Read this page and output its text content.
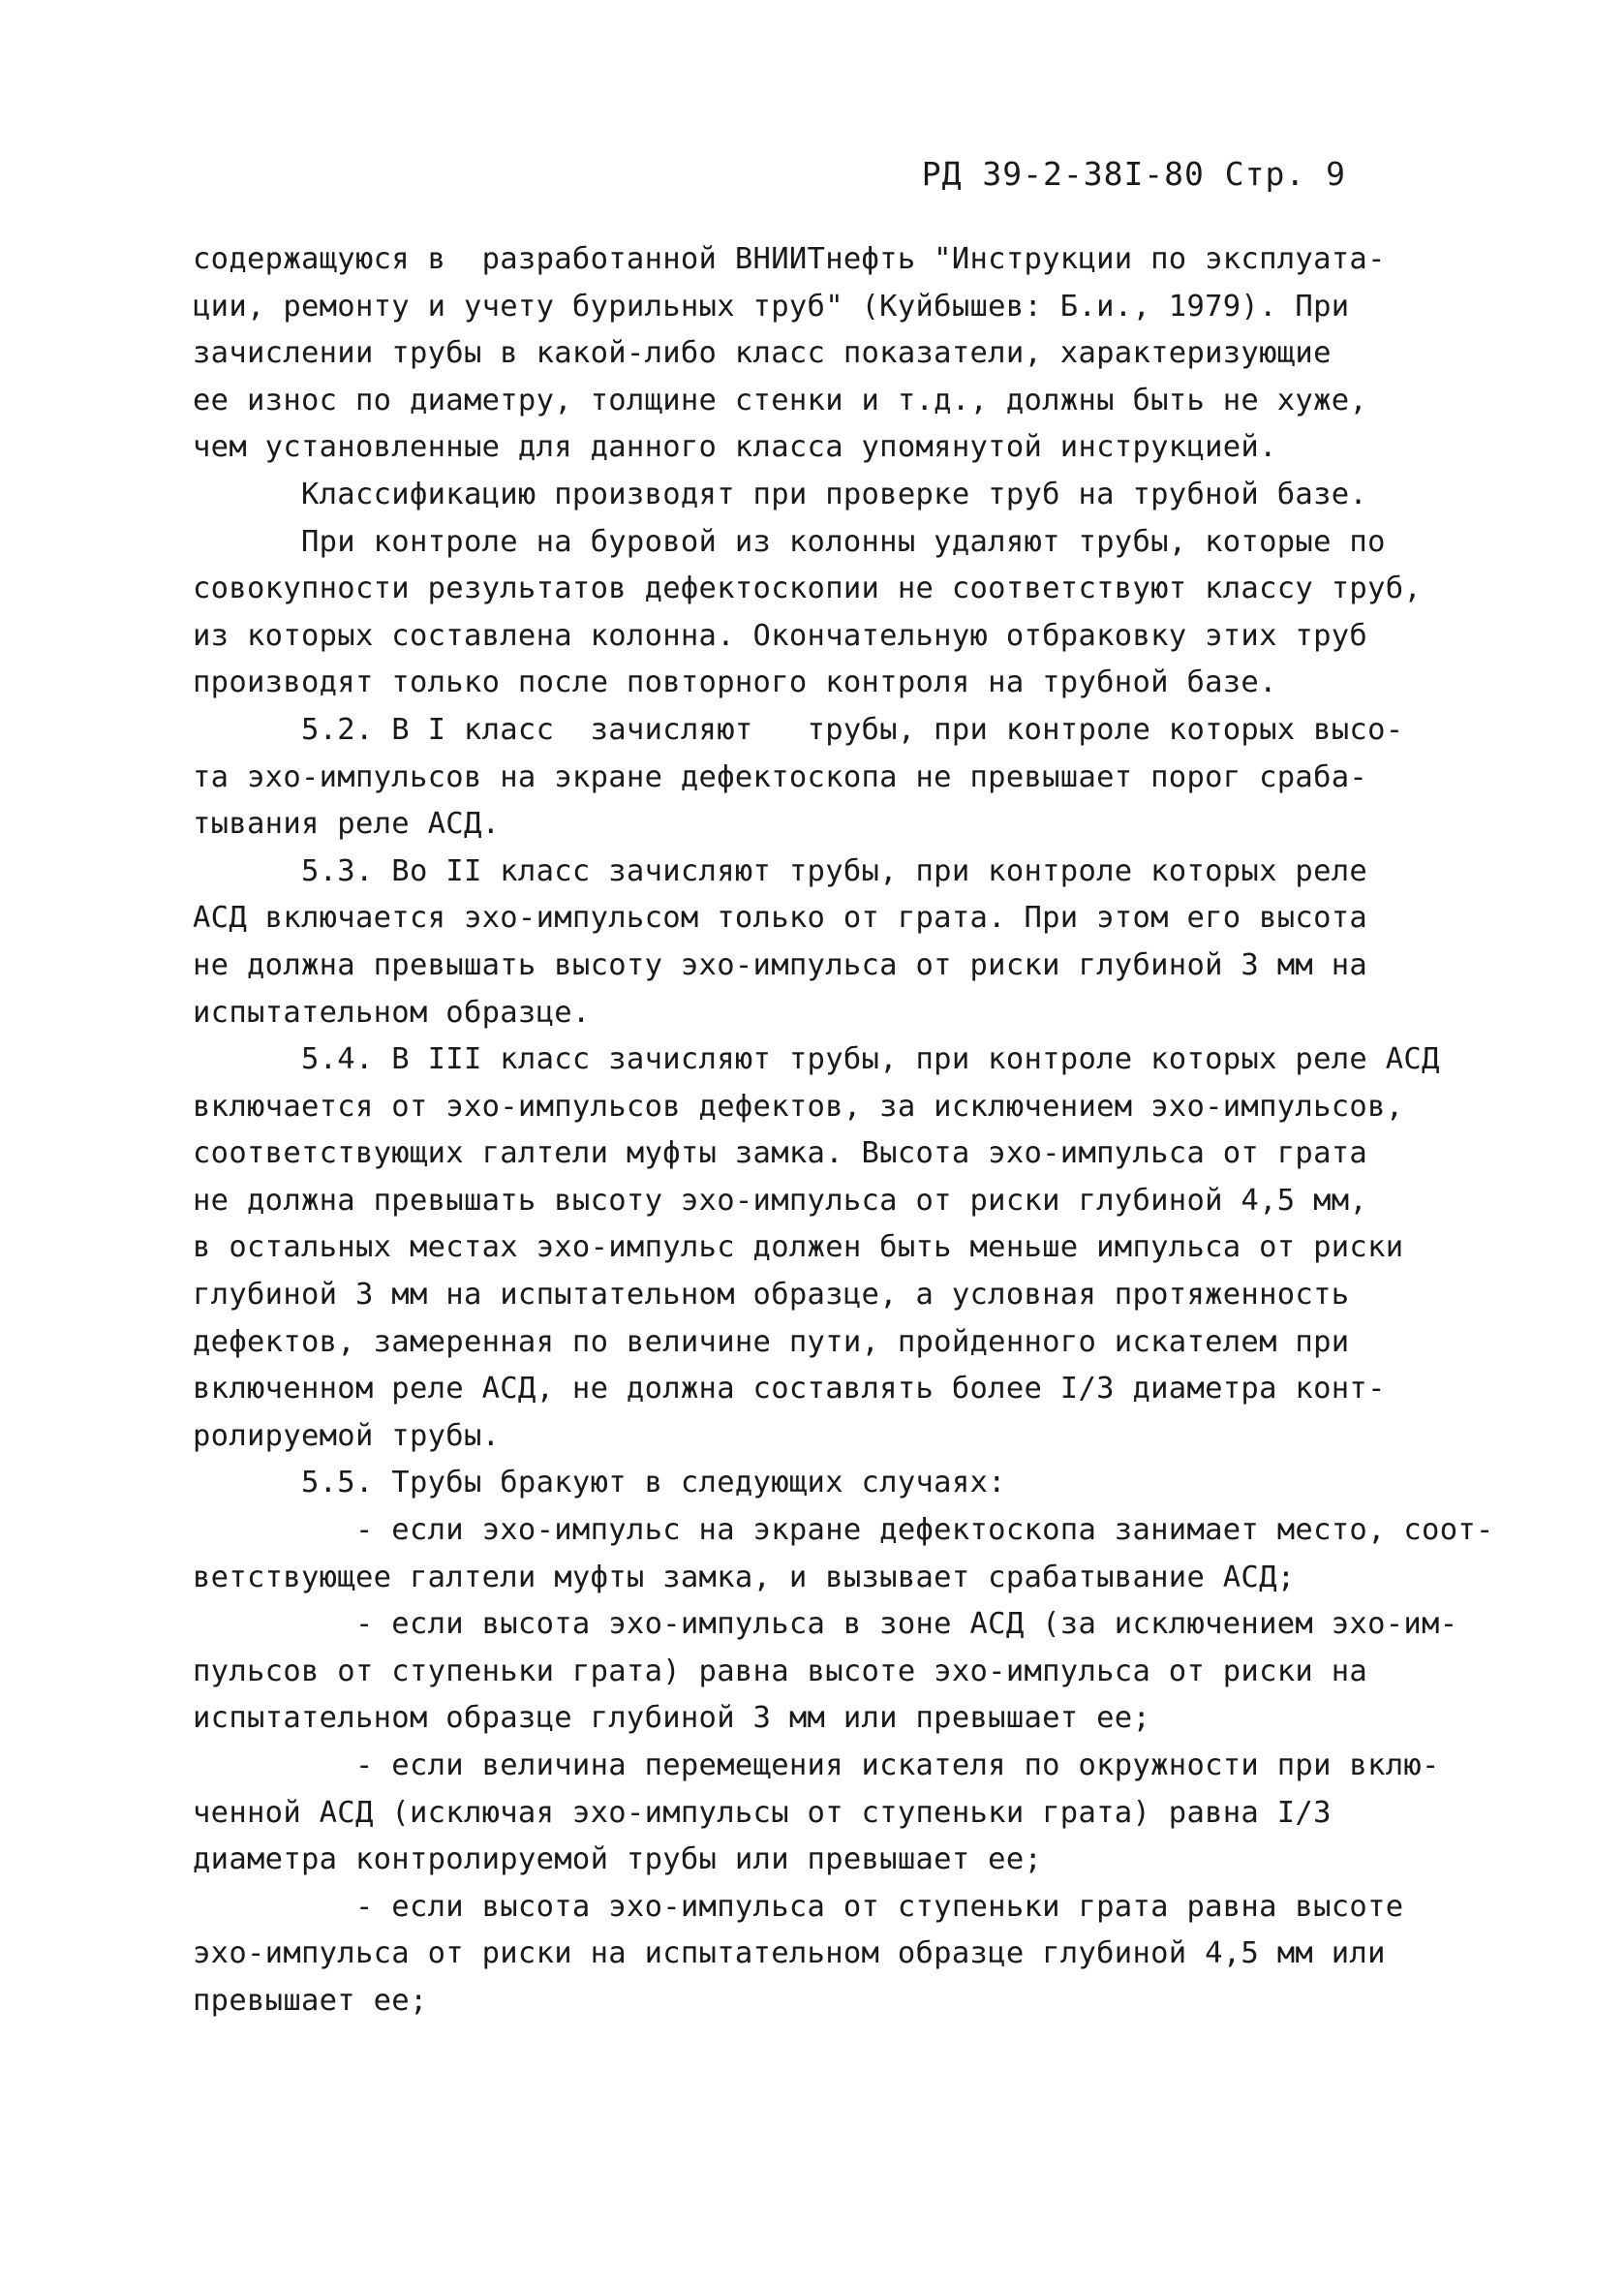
РД 39-2-38I-80 Стр. 9
содержащуюся в  разработанной ВНИИТнефть "Инструкции по эксплуата-
ции, ремонту и учету бурильных труб" (Куйбышев: Б.и., 1979). При
зачислении трубы в какой-либо класс показатели, характеризующие
ее износ по диаметру, толщине стенки и т.д., должны быть не хуже,
чем установленные для данного класса упомянутой инструкцией.
Классификацию производят при проверке труб на трубной базе.
При контроле на буровой из колонны удаляют трубы, которые по
совокупности результатов дефектоскопии не соответствуют классу труб,
из которых составлена колонна. Окончательную отбраковку этих труб
производят только после повторного контроля на трубной базе.
5.2. В I класс  зачисляют   трубы, при контроле которых высо-
та эхо-импульсов на экране дефектоскопа не превышает порог сраба-
тывания реле АСД.
5.3. Во II класс зачисляют трубы, при контроле которых реле
АСД включается эхо-импульсом только от грата. При этом его высота
не должна превышать высоту эхо-импульса от риски глубиной 3 мм на
испытательном образце.
5.4. В III класс зачисляют трубы, при контроле которых реле АСД
включается от эхо-импульсов дефектов, за исключением эхо-импульсов,
соответствующих галтели муфты замка. Высота эхо-импульса от грата
не должна превышать высоту эхо-импульса от риски глубиной 4,5 мм,
в остальных местах эхо-импульс должен быть меньше импульса от риски
глубиной 3 мм на испытательном образце, а условная протяженность
дефектов, замеренная по величине пути, пройденного искателем при
включенном реле АСД, не должна составлять более I/3 диаметра конт-
ролируемой трубы.
5.5. Трубы бракуют в следующих случаях:
- если эхо-импульс на экране дефектоскопа занимает место, соот-
ветствующее галтели муфты замка, и вызывает срабатывание АСД;
- если высота эхо-импульса в зоне АСД (за исключением эхо-им-
пульсов от ступеньки грата) равна высоте эхо-импульса от риски на
испытательном образце глубиной 3 мм или превышает ее;
- если величина перемещения искателя по окружности при вклю-
ченной АСД (исключая эхо-импульсы от ступеньки грата) равна I/3
диаметра контролируемой трубы или превышает ее;
- если высота эхо-импульса от ступеньки грата равна высоте
эхо-импульса от риски на испытательном образце глубиной 4,5 мм или
превышает ее;
